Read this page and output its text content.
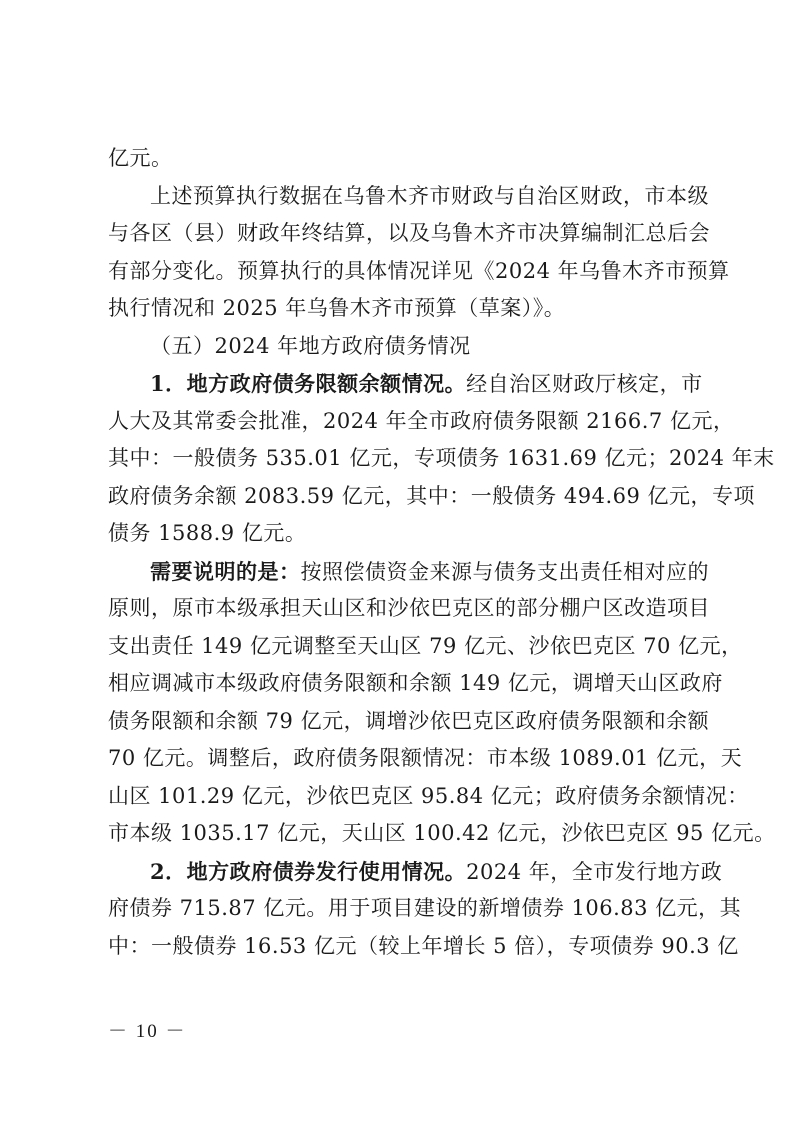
亿元。
上述预算执行数据在乌鲁木齐市财政与自治区财政，市本级
与各区（县）财政年终结算，以及乌鲁木齐市决算编制汇总后会
有部分变化。预算执行的具体情况详见《2024 年乌鲁木齐市预算
执行情况和 2025 年乌鲁木齐市预算（草案）》。
（五）2024 年地方政府债务情况
1．地方政府债务限额余额情况。经自治区财政厅核定，市
人大及其常委会批准，2024 年全市政府债务限额 2166.7 亿元，
其中：一般债务 535.01 亿元，专项债务 1631.69 亿元；2024 年末
政府债务余额 2083.59 亿元，其中：一般债务 494.69 亿元，专项
债务 1588.9 亿元。
需要说明的是：按照偿债资金来源与债务支出责任相对应的
原则，原市本级承担天山区和沙依巴克区的部分棚户区改造项目
支出责任 149 亿元调整至天山区 79 亿元、沙依巴克区 70 亿元，
相应调减市本级政府债务限额和余额 149 亿元，调增天山区政府
债务限额和余额 79 亿元，调增沙依巴克区政府债务限额和余额
70 亿元。调整后，政府债务限额情况：市本级 1089.01 亿元，天
山区 101.29 亿元，沙依巴克区 95.84 亿元；政府债务余额情况：
市本级 1035.17 亿元，天山区 100.42 亿元，沙依巴克区 95 亿元。
2．地方政府债券发行使用情况。2024 年，全市发行地方政
府债券 715.87 亿元。用于项目建设的新增债券 106.83 亿元，其
中：一般债券 16.53 亿元（较上年增长 5 倍），专项债券 90.3 亿
－ 10 －
